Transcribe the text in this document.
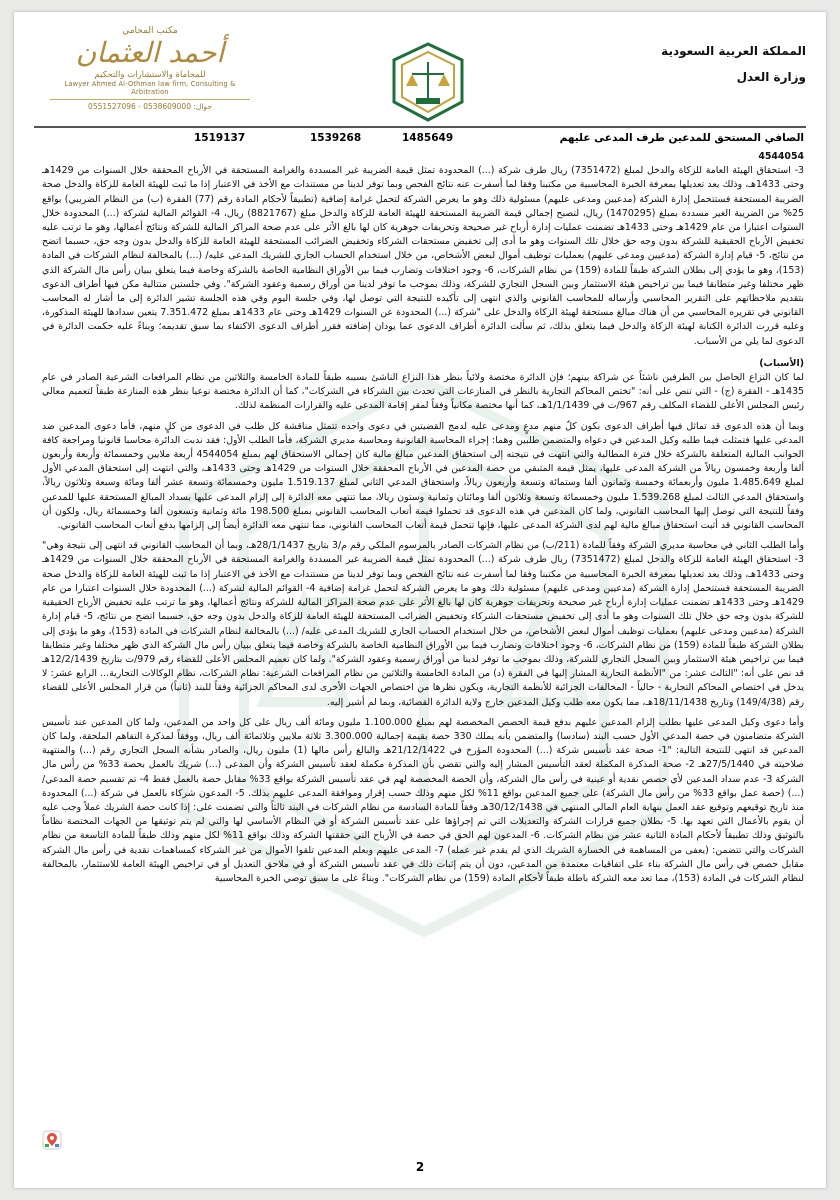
المملكة العربية السعودية
وزارة العدل
مكتب المحامي
أحمد العثمان
للمحاماة والاستشارات والتحكيم
Lawyer Ahmed Al-Othman law firm, Consulting & Arbitration
جوال: 0538609000 - 0551527096
الصافي المستحق للمدعين طرف المدعى عليهم
1485649
1539268
1519137

4544054

3- استحقاق الهيئة العامة للزكاة والدخل لمبلغ (7351472) ريال طرف شركة (...) المحدودة تمثل قيمة الضريبة غير المسددة والغرامة المستحقة في الأرباح المحققة خلال السنوات من 1429هـ وحتى 1433هـ، وذلك بعد تعديلها بمعرفة الخبرة المحاسبية من مكتبنا وفقا لما أسفرت عنه نتائج الفحص وبما توفر لدينا من مستندات مع الأخذ في الاعتبار إذا ما ثبت للهيئة العامة للزكاة والدخل صحة الضريبة المستحقة فستتحمل إدارة الشركة (مدعيين ومدعى عليهم) مسئولية ذلك وهو ما يعرض الشركة لتحمل غرامة إضافية (تطبيقاً لأحكام المادة رقم (77) الفقرة (ب) من النظام الضريبي) بواقع 25% من الضريبة الغير مسددة بمبلغ (1470295) ريال، لتصبح إجمالي قيمة الضريبة المستحقة للهيئة العامة للزكاة والدخل مبلغ (8821767) ريال، 4- القوائم المالية لشركة (...) المحدودة خلال السنوات اعتبارا من عام 1429هـ وحتى 1433هـ تضمنت عمليات إدارة أرباح غير صحيحة وتحريفات جوهرية كان لها بالغ الأثر على عدم صحة المراكز المالية للشركة ونتائج أعمالها، وهو ما ترتب عليه تخفيض الأرباح الحقيقية للشركة بدون وجه حق خلال تلك السنوات وهو ما أدى إلى تخفيض مستحقات الشركاء وتخفيض الضرائب المستحقة للهيئة العامة للزكاة والدخل بدون وجه حق، حسبما اتضح من نتائج، 5- قيام إدارة الشركة (مدعيين ومدعى عليهم) بعمليات توظيف أموال لبعض الأشخاص، من خلال استخدام الحساب الجاري للشريك المدعى عليه/ (...) بالمخالفة لنظام الشركات في المادة (153)، وهو ما يؤدي إلى بطلان الشركة طبقاً للمادة (159) من نظام الشركات، 6- وجود اختلافات وتضارب فيما بين الأوراق النظامية الخاصة بالشركة وخاصة فيما يتعلق ببيان رأس مال الشركة الذي ظهر مختلفا وغير متطابقا فيما بين تراخيص هيئة الاستثمار وبين السجل التجاري للشركة، وذلك بموجب ما توفر لدينا من أوراق رسمية وعقود الشركة". وفي جلستين متتالية مكن فيها أطراف الدعوى بتقديم ملاحظاتهم على التقرير المحاسبي وأرساله للمحاسب القانوني والذي انتهى إلى تأكيده للنتيجة التي توصل لها، وفي جلسة اليوم وفي هذه الجلسة تشير الدائرة إلى ما أشار له المحاسب القانوني في تقريره المحاسبي من أن هناك مبالغ مستحقة لهيئة الزكاة والدخل على "شركة (...) المحدودة عن السنوات 1429هـ وحتى عام 1433هـ بمبلغ 7.351.472 يتعين سدادها للهيئة المذكورة، وعليه قررت الدائرة الكتابة لهيئة الزكاة والدخل فيما يتعلق بذلك، ثم سألت الدائرة أطراف الدعوى عما يودان إضافته فقرر أطراف الدعوى الاكتفاء بما سبق تقديمه؛ وبناءً عليه حكمت الدائرة في الدعوى لما يلي من الأسباب.

(الأسباب)

لما كان النزاع الحاصل بين الطرفين ناشئاً عن شراكة بينهم؛ فإن الدائرة مختصة ولائياً بنظر هذا النزاع الناشئ بسببه طبقاً للمادة الخامسة والثلاثين من نظام المرافعات الشرعية الصادر في عام 1435هـ - الفقرة (ج) - التي تنص على أنه: "تختص المحاكم التجارية بالنظر في المنازعات التي تحدث بين الشركاء في الشركات"، كما أن الدائرة مختصة نوعيا بنظر هذه المنازعة طبقاً لتعميم معالي رئيس المجلس الأعلى للقضاء المكلف رقم 967/ت في 1/1/1439هـ، كما أنها مختصة مكانياً وفقاً لمقر إقامة المدعى عليه والقرارات المنظمة لذلك.

وبما أن هذه الدعوى قد تماثل فيها أطراف الدعوى بكون كلٌ منهم مدعٍ ومدعى عليه لدمج القضيتين في دعوى واحده تتمثل مناقشة كل طلب في الدعوى من كلٍ منهم، فأما دعوى المدعين ضد المدعى عليها فتمثلت فيما طلبه وكيل المدعين في دعواه والمتضمن طلبين وهما: إجراء المحاسبة القانونية ومحاسبة مديري الشركة، فأما الطلب الأول: فقد ندبت الدائرة محاسبا قانونيا ومراجعة كافة الجوانب المالية المتعلقة بالشركة خلال فترة المطالبة والتي انتهت في نتيجته إلى استحقاق المدعين مبالغ مالية كان إجمالي الاستحقاق لهم بمبلغ 4544054 أربعة ملايين وخمسمائة وأربعة وأربعون ألفا وأربعة وخمسون ريالاً من الشركة المدعى عليها، يمثل قيمة المتبقي من حصة المدعين في الأرباح المحققة خلال السنوات من 1429هـ وحتى 1433هـ، والتي انتهت إلى استحقاق المدعي الأول لمبلغ 1.485.649 مليون وأربعمائة وخمسة وثمانون ألفا وستمائة وتسعة وأربعون ريالاً، واستحقاق المدعي الثاني لمبلغ 1.519.137 مليون وخمسمائة وتسعة عشر ألفا ومائة وسبعة وثلاثون ريالاً، واستحقاق المدعي الثالث لمبلغ 1.539.268 مليون وخمسمائة وتسعة وثلاثون ألفا ومائتان وثمانية وستون ريالا، مما تنتهي معه الدائرة إلى إلزام المدعى عليها بسداد المبالغ المستحقة عليها للمدعين وفقاً للنتيجة التي توصل إليها المحاسب القانوني، ولما كان المدعين في هذه الدعوى قد تحملوا قيمة أتعاب المحاسب القانوني بمبلغ 198.500 مائة وثمانية وتسعون ألفا وخمسمائة ريال، ولكون أن المحاسب القانوني قد أثبت استحقاق مبالغ مالية لهم لدى الشركة المدعى عليها، فإنها تتحمل قيمة أتعاب المحاسب القانوني، مما تنتهي معه الدائرة أيضاً إلى إلزامها بدفع أتعاب المحاسب القانوني.

وأما الطلب الثاني في محاسبة مديري الشركة وفقاً للمادة (211/ب) من نظام الشركات الصادر بالمرسوم الملكي رقم م/3 بتاريخ 28/1/1437هـ، وبما أن المحاسب القانوني قد انتهى إلى نتيجة وهي" 3- استحقاق الهيئة العامة للزكاة والدخل لمبلغ (7351472) ريال طرف شركة (...) المحدودة تمثل قيمة الضريبة غير المسددة والغرامة المستحقة في الأرباح المحققة خلال السنوات من 1429هـ وحتى 1433هـ، وذلك بعد تعديلها بمعرفة الخبرة المحاسبية من مكتبنا وفقا لما أسفرت عنه نتائج الفحص وبما توفر لدينا من مستندات مع الأخذ في الاعتبار إذا ما ثبت للهيئة العامة للزكاة والدخل صحة الضريبة المستحقة فستتحمل إدارة الشركة (مدعيين ومدعى عليهم) مسئولية ذلك وهو ما يعرض الشركة لتحمل غرامة إضافية 4- القوائم المالية لشركة (...) المحدودة خلال السنوات اعتبارا من عام 1429هـ وحتى 1433هـ تضمنت عمليات إدارة أرباح غير صحيحة وتحريفات جوهرية كان لها بالغ الأثر على عدم صحة المراكز المالية للشركة ونتائج أعمالها، وهو ما ترتب عليه تخفيض الأرباح الحقيقية للشركة بدون وجه حق خلال تلك السنوات وهو ما أدى إلى تخفيض مستحقات الشركاء وتخفيض الضرائب المستحقة للهيئة العامة للزكاة والدخل بدون وجه حق، حسبما اتضح من نتائج، 5- قيام إدارة الشركة (مدعيين ومدعى عليهم) بعمليات توظيف أموال لبعض الأشخاص، من خلال استخدام الحساب الجاري للشريك المدعى عليه/ (...) بالمخالفة لنظام الشركات في المادة (153)، وهو ما يؤدي إلى بطلان الشركة طبقاً للمادة (159) من نظام الشركات، 6- وجود اختلافات وتضارب فيما بين الأوراق النظامية الخاصة بالشركة وخاصة فيما يتعلق ببيان رأس مال الشركة الذي ظهر مختلفا وغير متطابقا فيما بين تراخيص هيئة الاستثمار وبين السجل التجاري للشركة، وذلك بموجب ما توفر لدينا من أوراق رسمية وعقود الشركة". ولما كان تعميم المجلس الأعلى للقضاء رقم 979/ت بتاريخ 12/2/1439هـ قد نص على أنه: "الثالث عشر: من "الأنظمة التجارية المشار إليها في الفقرة (د) من المادة الخامسة والثلاثين من نظام المرافعات الشرعية: نظام الشركات، نظام الوكالات التجارية... الرابع عشر: لا يدخل في اختصاص المحاكم التجارية - حالياً - المخالفات الجزائية للأنظمة التجارية، ويكون نظرها من اختصاص الجهات الأخرى لدى المحاكم الجزائية وفقاً للبند (ثانياً) من قرار المجلس الأعلى للقضاء رقم (149/4/38) وتاريخ 18/11/1438هـ، مما يكون معه طلب وكيل المدعين خارج ولاية الدائرة القضائية، وبما لم أشير إليه.

وأما دعوى وكيل المدعى عليها بطلب إلزام المدعين عليهم بدفع قيمة الحصص المخصصة لهم بمبلغ 1.100.000 مليون ومائة ألف ريال على كل واحد من المدعين، ولما كان المدعين عند تأسيس الشركة متضامنون في حصة المدعي الأول حسب البند (سادسا) والمتضمن بأنه يملك 330 حصة بقيمة إجمالية 3.300.000 ثلاثة ملايين وثلاثمائة ألف ريال، ووفقاً لمذكرة التفاهم الملحقة، ولما كان المدعين قد انتهى للنتيجة التالية: "1- صحة عقد تأسيس شركة (...) المحدودة المؤرخ في 21/12/1422هـ والبالغ رأس مالها (1) مليون ريال، والصادر بشأنه السجل التجاري رقم (...) والمنتهية صلاحيته في 27/5/1440هـ 2- صحة المذكرة المكملة لعقد التأسيس المشار إليه والتي تقضي بأن المذكرة مكملة لعقد تأسيس الشركة وأن المدعى (...) شريك بالعمل بحصة 33% من رأس مال الشركة 3- عدم سداد المدعين لأي حصص نقدية أو عينية في رأس مال الشركة، وأن الحصة المخصصة لهم في عقد تأسيس الشركة بواقع 33% مقابل حصة بالعمل فقط 4- تم تقسيم حصة المدعي/ (...) (حصة عمل بواقع 33% من رأس مال الشركة) على جميع المدعين بواقع 11% لكل منهم وذلك حسب إقرار وموافقة المدعى عليهم بذلك. 5- المدعون شركاء بالعمل في شركة (...) المحدودة منذ تاريخ توقيعهم وتوقيع عقد العمل بنهاية العام المالي المنتهي في 30/12/1438هـ وفقاً للمادة السادسة من نظام الشركات في البند ثالثاً والتي تضمنت على: إذا كانت حصة الشريك عملاً وجب عليه أن يقوم بالأعمال التي تعهد بها. 5- بطلان جميع قرارات الشركة والتعديلات التي تم إجراؤها على عقد تأسيس الشركة أو في النظام الأساسي لها والتي لم يتم توثيقها من الجهات المختصة نظاماً بالتوثيق وذلك تطبيقاً لأحكام المادة الثانية عشر من نظام الشركات. 6- المدعون لهم الحق في حصة في الأرباح التي حققتها الشركة وذلك بواقع 11% لكل منهم وذلك طبقاً للمادة التاسعة من نظام الشركات والتي تتضمن: (يعفى من المساهمة في الخسارة الشريك الذي لم يقدم غير عمله) 7- المدعى عليهم وبعلم المدعين تلقوا الأموال من غير الشركاء كمساهمات نقدية في رأس مال الشركة مقابل حصص في رأس مال الشركة بناء على اتفاقيات معتمدة من المدعين، دون أن يتم إثبات ذلك في عقد تأسيس الشركة أو في ملاحق التعديل أو في تراخيص الهيئة العامة للاستثمار، بالمخالفة لنظام الشركات في المادة (153)، مما تعد معه الشركة باطلة طبقاً لأحكام المادة (159) من نظام الشركات". وبناءً على ما سبق توصي الخبرة المحاسبية

2
